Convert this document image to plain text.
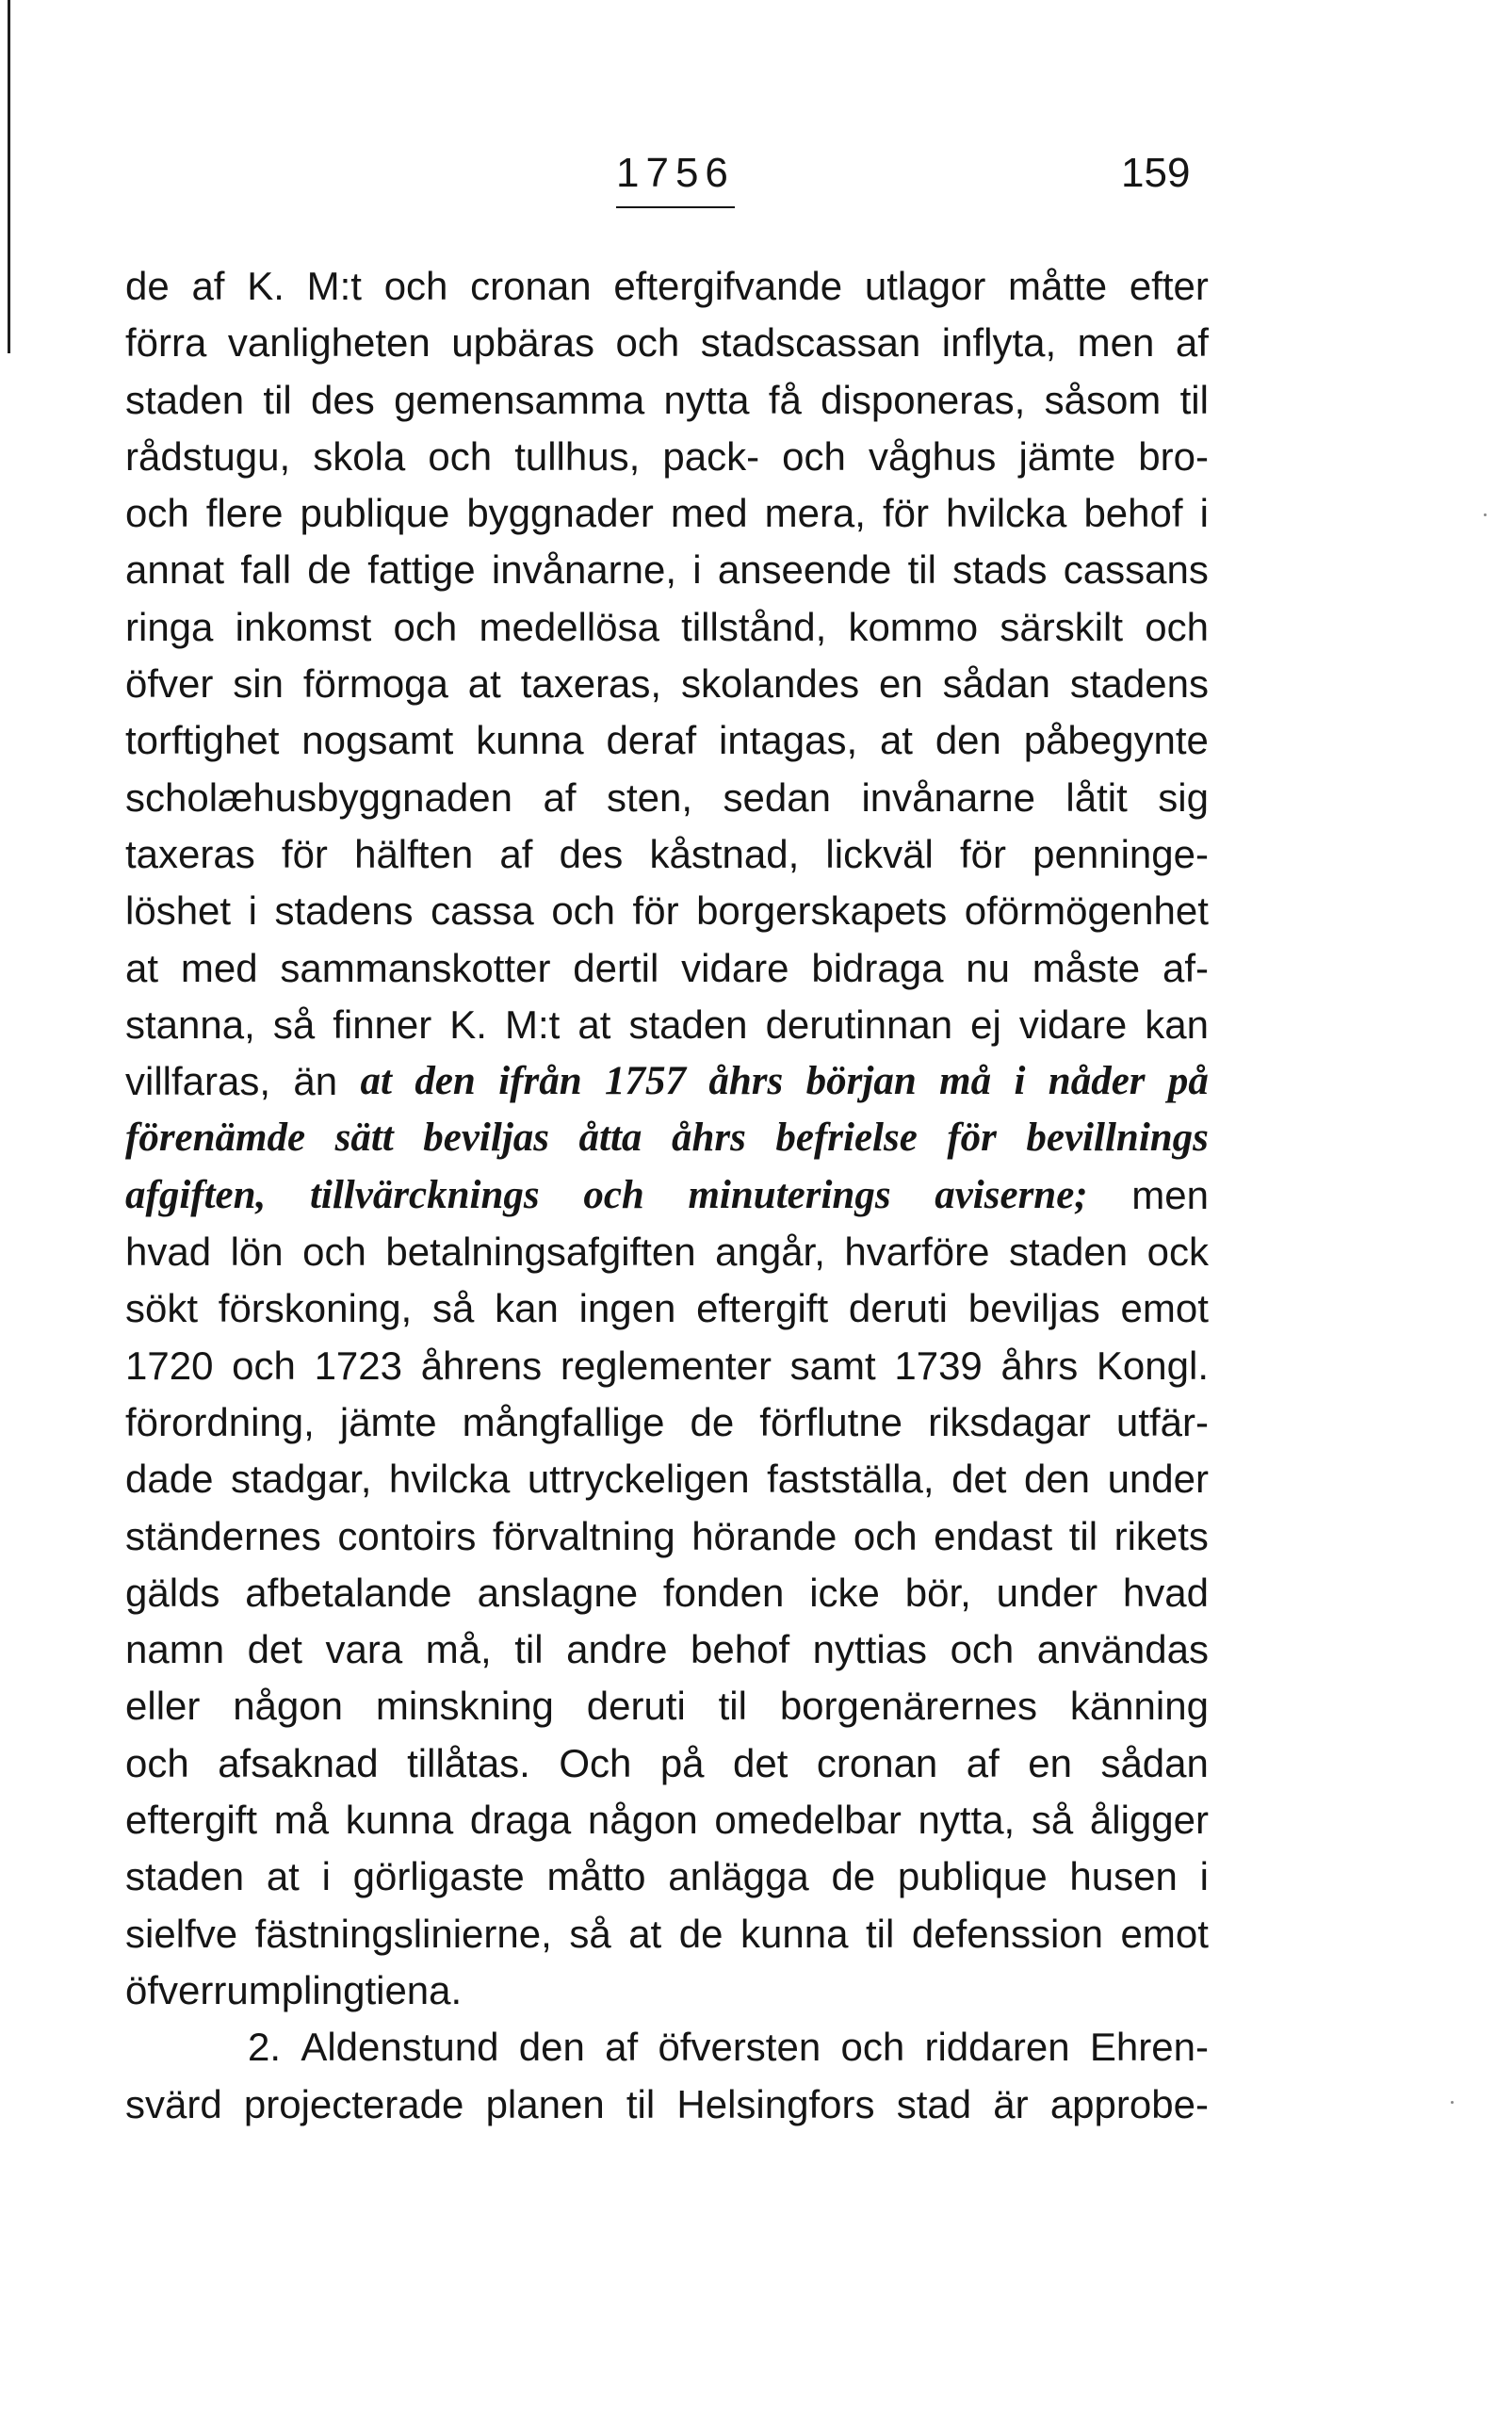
1756	159
de af K. M:t och cronan eftergifvande utlagor måtte efter
förra vanligheten upbäras och stadscassan inflyta, men af
staden til des gemensamma nytta få disponeras, såsom til
rådstugu, skola och tullhus, pack- och våghus jämte bro-
och flere publique byggnader med mera, för hvilcka behof i
annat fall de fattige invånarne, i anseende til stads cassans
ringa inkomst och medellösa tillstånd, kommo särskilt och
öfver sin förmoga at taxeras, skolandes en sådan stadens
torftighet nogsamt kunna deraf intagas, at den påbegynte
scholæhusbyggnaden af sten, sedan invånarne låtit sig
taxeras för hälften af des kåstnad, lickväl för penninge-
löshet i stadens cassa och för borgerskapets oförmögenhet
at med sammanskotter dertil vidare bidraga nu måste af-
stanna, så finner K. M:t at staden derutinnan ej vidare kan
villfaras, än at den ifrån 1757 åhrs början må i nåder på
förenämde sätt beviljas åtta åhrs befrielse för bevillnings
afgiften, tillvärcknings och minuterings aviserne; men
hvad lön och betalningsafgiften angår, hvarföre staden ock
sökt förskoning, så kan ingen eftergift deruti beviljas emot
1720 och 1723 åhrens reglementer samt 1739 åhrs Kongl.
förordning, jämte mångfallige de förflutne riksdagar utfär-
dade stadgar, hvilcka uttryckeligen fastställa, det den under
ständernes contoirs förvaltning hörande och endast til rikets
gälds afbetalande anslagne fonden icke bör, under hvad
namn det vara må, til andre behof nyttias och användas
eller någon minskning deruti til borgenärernes känning
och afsaknad tillåtas. Och på det cronan af en sådan
eftergift må kunna draga någon omedelbar nytta, så åligger
staden at i görligaste måtto anlägga de publique husen i
sielfve fästningslinierne, så at de kunna til defenssion emot
öfverrumpling tiena.
2. Aldenstund den af öfversten och riddaren Ehren-
svärd projecterade planen til Helsingfors stad är approbe-
